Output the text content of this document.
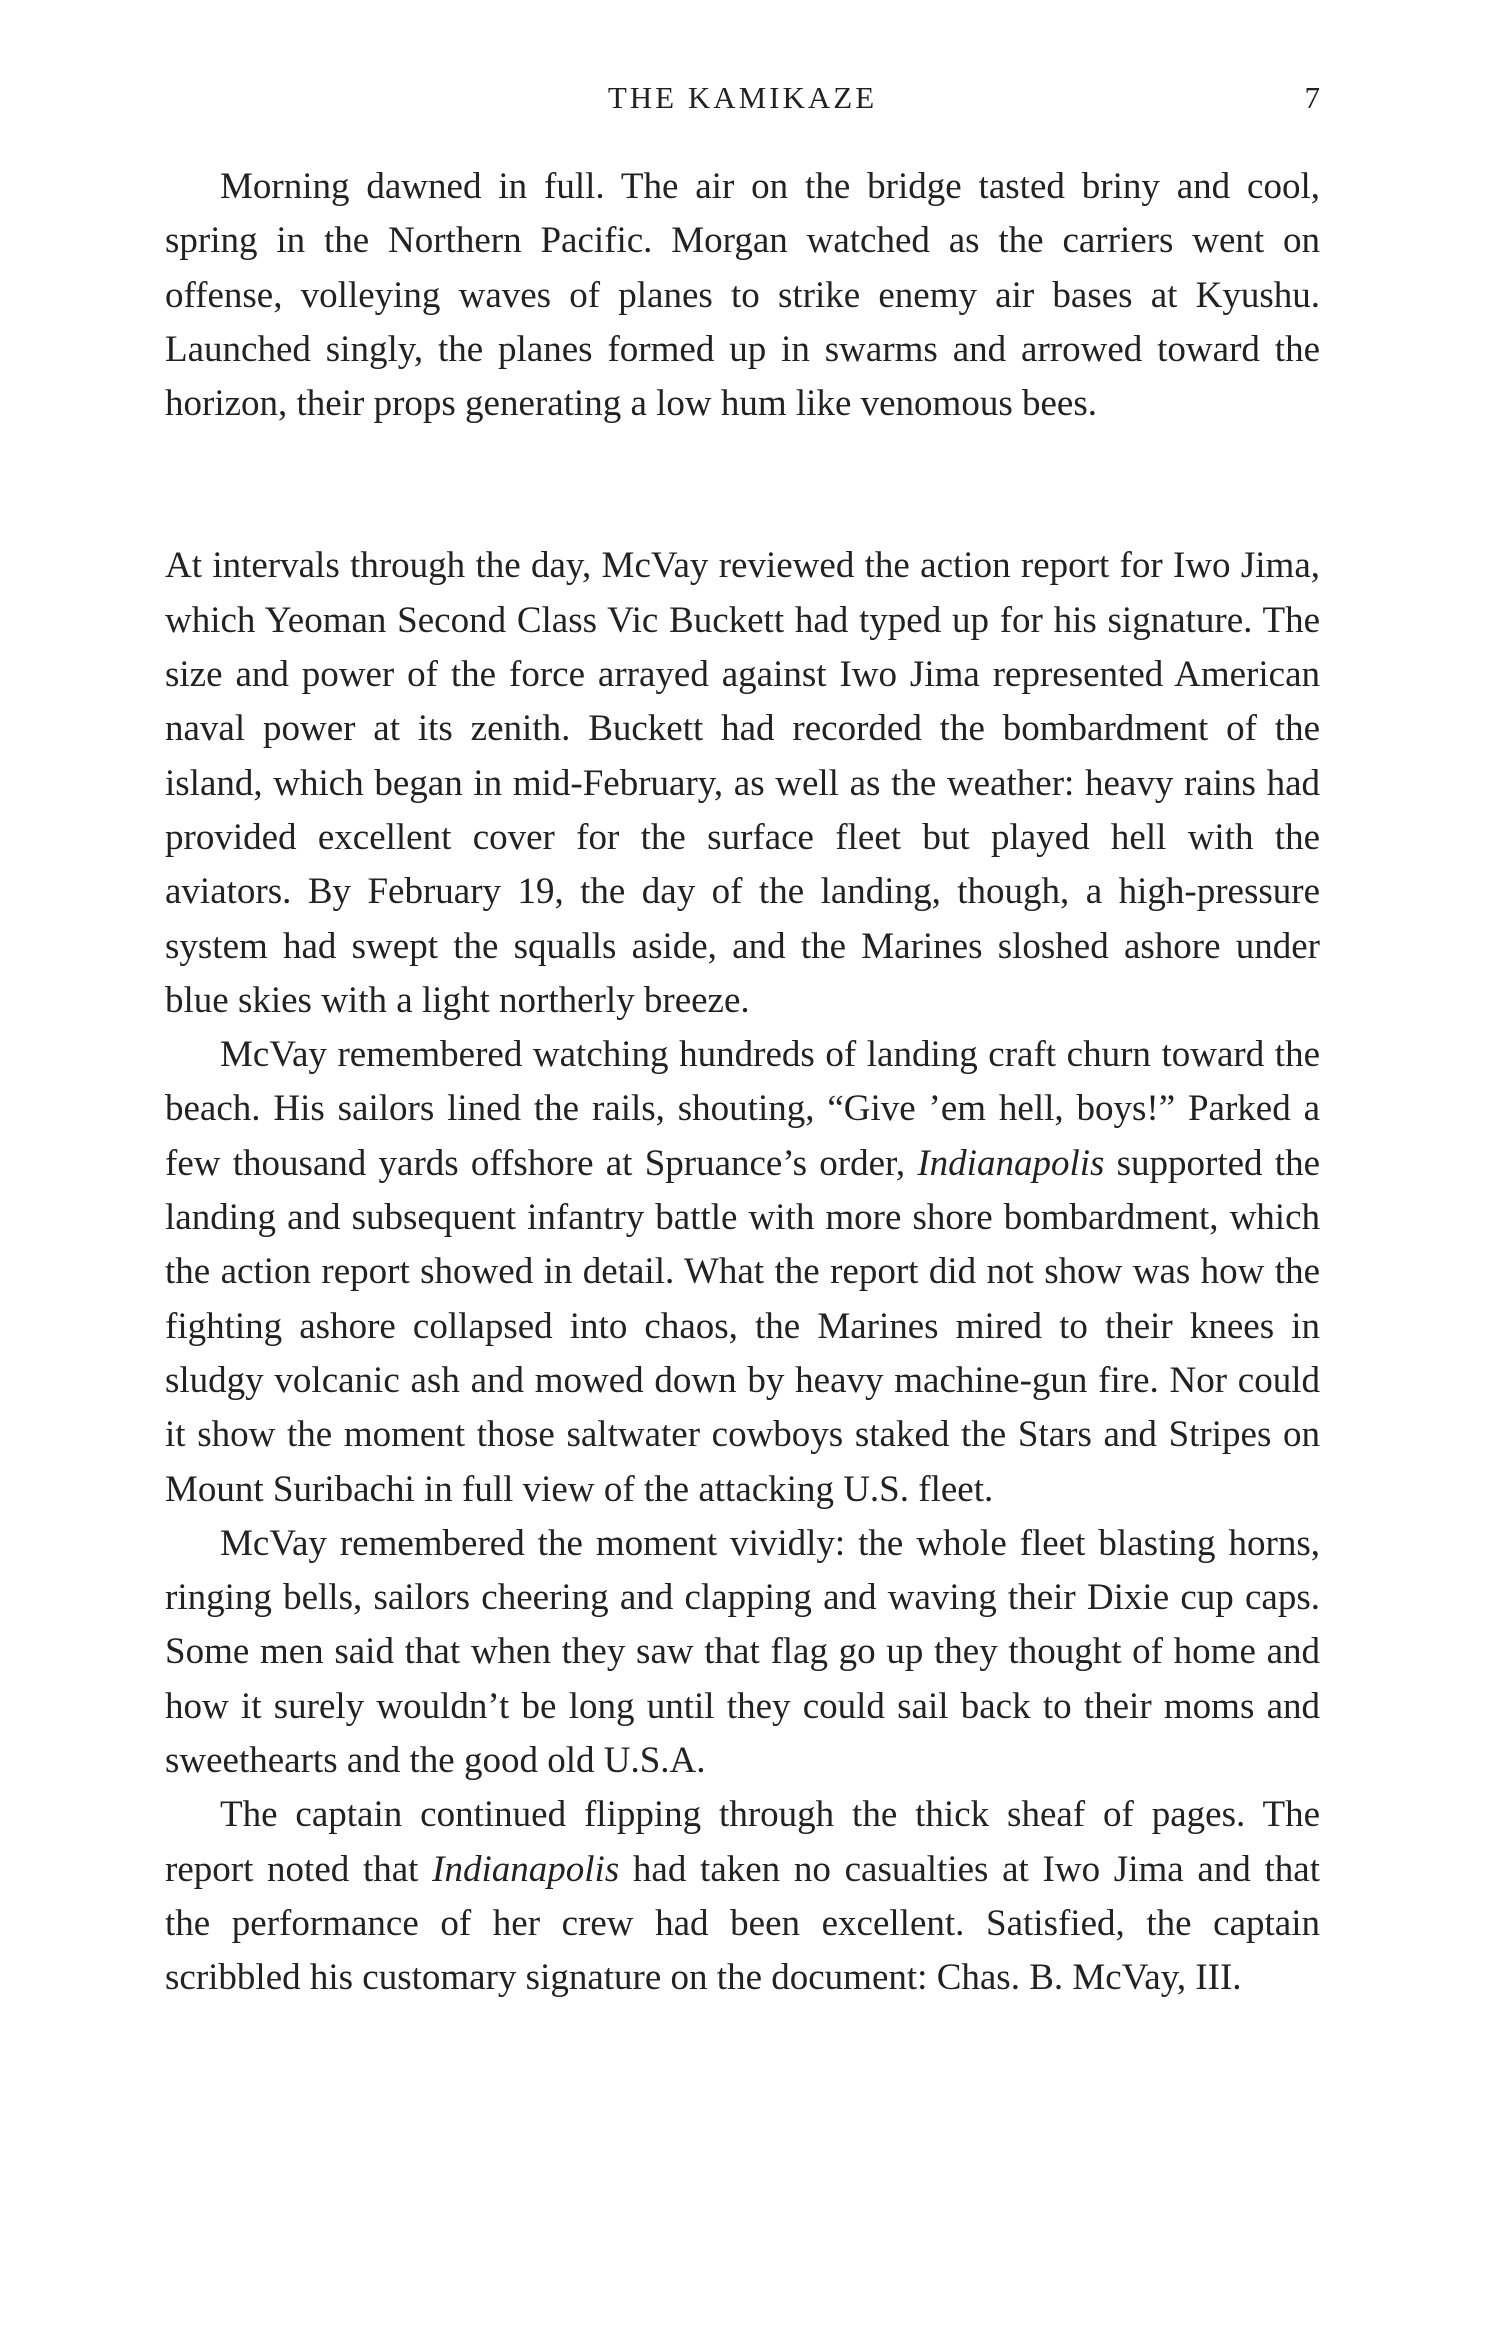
THE KAMIKAZE	7

Morning dawned in full. The air on the bridge tasted briny and cool, spring in the Northern Pacific. Morgan watched as the carriers went on offense, volleying waves of planes to strike enemy air bases at Kyushu. Launched singly, the planes formed up in swarms and arrowed toward the horizon, their props generating a low hum like venomous bees.

At intervals through the day, McVay reviewed the action report for Iwo Jima, which Yeoman Second Class Vic Buckett had typed up for his signature. The size and power of the force arrayed against Iwo Jima represented American naval power at its zenith. Buckett had recorded the bombardment of the island, which began in mid-February, as well as the weather: heavy rains had provided excellent cover for the surface fleet but played hell with the aviators. By February 19, the day of the landing, though, a high-pressure system had swept the squalls aside, and the Marines sloshed ashore under blue skies with a light northerly breeze.

McVay remembered watching hundreds of landing craft churn toward the beach. His sailors lined the rails, shouting, “Give ’em hell, boys!” Parked a few thousand yards offshore at Spruance’s order, Indianapolis supported the landing and subsequent infantry battle with more shore bombardment, which the action report showed in detail. What the report did not show was how the fighting ashore collapsed into chaos, the Marines mired to their knees in sludgy volcanic ash and mowed down by heavy machine-gun fire. Nor could it show the moment those saltwater cowboys staked the Stars and Stripes on Mount Suribachi in full view of the attacking U.S. fleet.

McVay remembered the moment vividly: the whole fleet blasting horns, ringing bells, sailors cheering and clapping and waving their Dixie cup caps. Some men said that when they saw that flag go up they thought of home and how it surely wouldn’t be long until they could sail back to their moms and sweethearts and the good old U.S.A.

The captain continued flipping through the thick sheaf of pages. The report noted that Indianapolis had taken no casualties at Iwo Jima and that the performance of her crew had been excellent. Satisfied, the captain scribbled his customary signature on the document: Chas. B. McVay, III.
